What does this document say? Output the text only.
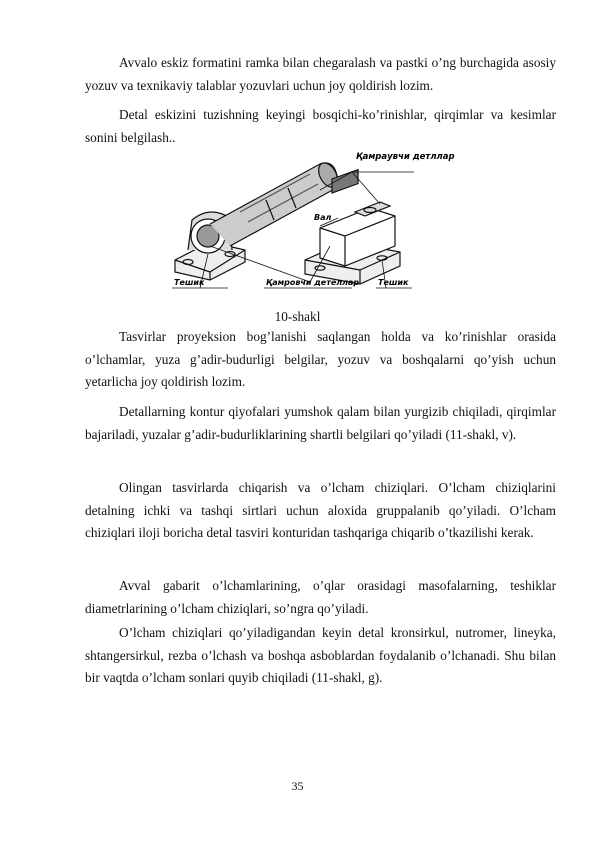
Avvalo eskiz formatini ramka bilan chegaralash va pastki o’ng burchagida asosiy yozuv va texnikaviy talablar yozuvlari uchun joy qoldirish lozim.

Detal eskizini tuzishning keyingi bosqichi-ko’rinishlar, qirqimlar va kesimlar sonini belgilash..

Қамраувчи детллар
Вал
Тешик	Қамровчи детеллар Тешик
10-shakl

Tasvirlar proyeksion bog’lanishi saqlangan holda va ko’rinishlar orasida o’lchamlar, yuza g’adir-budurligi belgilar, yozuv va boshqalarni qo’yish uchun yetarlicha joy qoldirish lozim.

Detallarning kontur qiyofalari yumshok qalam bilan yurgizib chiqiladi, qirqimlar bajariladi, yuzalar g’adir-budurliklarining shartli belgilari qo’yiladi (11-shakl, v).

Olingan tasvirlarda chiqarish va o’lcham chiziqlari. O’lcham chiziqlarini detalning ichki va tashqi sirtlari uchun aloxida gruppalanib qo’yiladi. O’lcham chiziqlari iloji boricha detal tasviri konturidan tashqariga chiqarib o’tkazilishi kerak.

Avval gabarit o’lchamlarining, o’qlar orasidagi masofalarning, teshiklar diametrlarining o’lcham chiziqlari, so’ngra qo’yiladi.

O’lcham chiziqlari qo’yiladigandan keyin detal kronsirkul, nutromer, lineyka, shtangersirkul, rezba o’lchash va boshqa asboblardan foydalanib o’lchanadi. Shu bilan bir vaqtda o’lcham sonlari quyib chiqiladi (11-shakl, g).

35
